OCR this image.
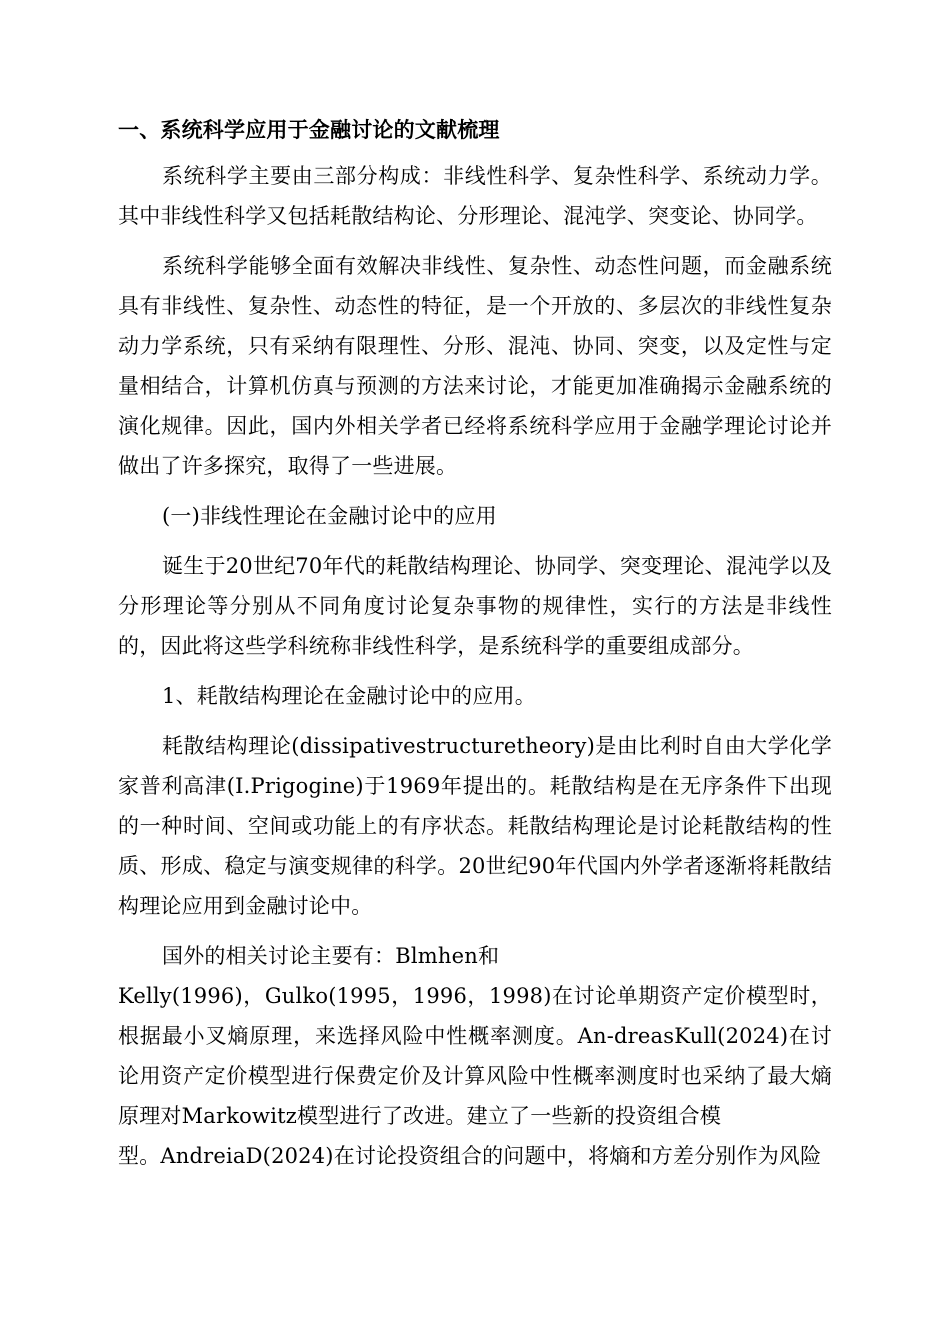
一、系统科学应用于金融讨论的文献梳理

系统科学主要由三部分构成：非线性科学、复杂性科学、系统动力学。其中非线性科学又包括耗散结构论、分形理论、混沌学、突变论、协同学。

系统科学能够全面有效解决非线性、复杂性、动态性问题，而金融系统具有非线性、复杂性、动态性的特征，是一个开放的、多层次的非线性复杂动力学系统，只有采纳有限理性、分形、混沌、协同、突变，以及定性与定量相结合，计算机仿真与预测的方法来讨论，才能更加准确揭示金融系统的演化规律。因此，国内外相关学者已经将系统科学应用于金融学理论讨论并做出了许多探究，取得了一些进展。

(一)非线性理论在金融讨论中的应用

诞生于20世纪70年代的耗散结构理论、协同学、突变理论、混沌学以及分形理论等分别从不同角度讨论复杂事物的规律性，实行的方法是非线性的，因此将这些学科统称非线性科学，是系统科学的重要组成部分。

1、耗散结构理论在金融讨论中的应用。

耗散结构理论(dissipativestructuretheory)是由比利时自由大学化学家普利高津(I.Prigogine)于1969年提出的。耗散结构是在无序条件下出现的一种时间、空间或功能上的有序状态。耗散结构理论是讨论耗散结构的性质、形成、稳定与演变规律的科学。20世纪90年代国内外学者逐渐将耗散结构理论应用到金融讨论中。

国外的相关讨论主要有：Blmhen和

Kelly(1996)，Gulko(1995，1996，1998)在讨论单期资产定价模型时，根据最小叉熵原理，来选择风险中性概率测度。An-dreasKull(2024)在讨论用资产定价模型进行保费定价及计算风险中性概率测度时也采纳了最大熵原理对Markowitz模型进行了改进。建立了一些新的投资组合模

型。AndreiaD(2024)在讨论投资组合的问题中，将熵和方差分别作为风险
